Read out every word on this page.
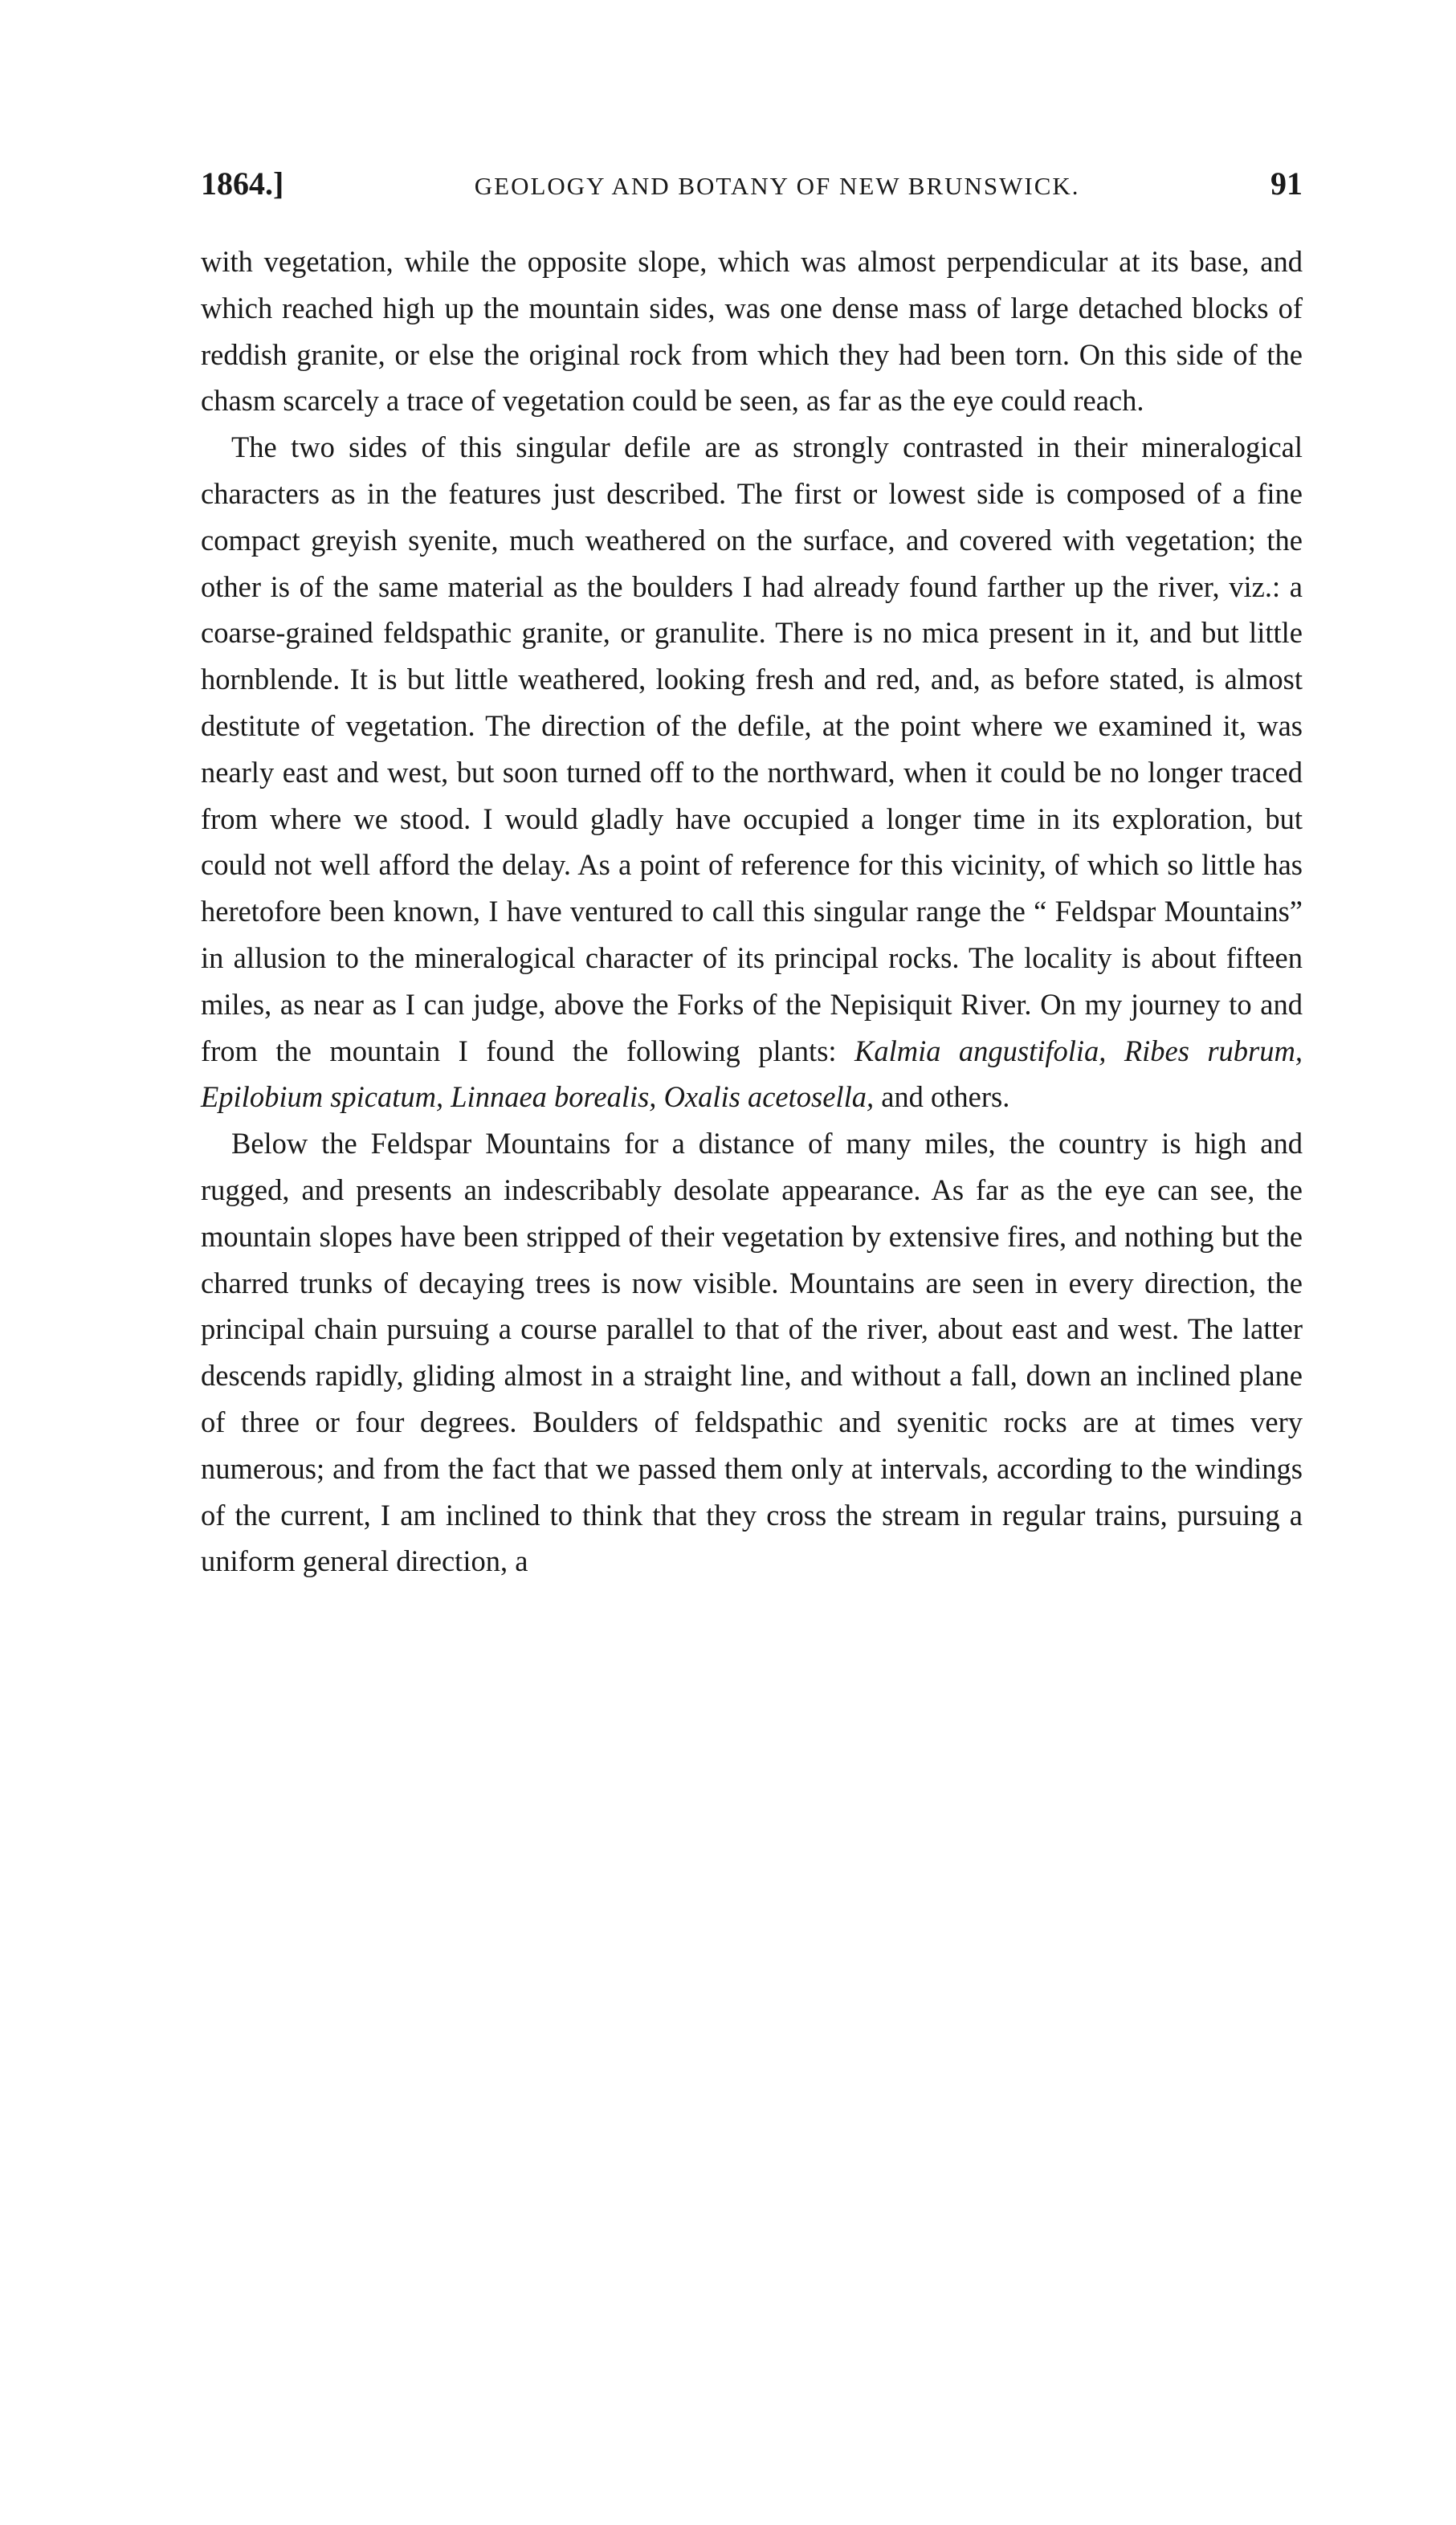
1864.]	GEOLOGY AND BOTANY OF NEW BRUNSWICK.	91

with vegetation, while the opposite slope, which was almost perpendicular at its base, and which reached high up the mountain sides, was one dense mass of large detached blocks of reddish granite, or else the original rock from which they had been torn. On this side of the chasm scarcely a trace of vegetation could be seen, as far as the eye could reach.

The two sides of this singular defile are as strongly contrasted in their mineralogical characters as in the features just described. The first or lowest side is composed of a fine compact greyish syenite, much weathered on the surface, and covered with vegetation; the other is of the same material as the boulders I had already found farther up the river, viz.: a coarse-grained feldspathic granite, or granulite. There is no mica present in it, and but little hornblende. It is but little weathered, looking fresh and red, and, as before stated, is almost destitute of vegetation. The direction of the defile, at the point where we examined it, was nearly east and west, but soon turned off to the northward, when it could be no longer traced from where we stood. I would gladly have occupied a longer time in its exploration, but could not well afford the delay. As a point of reference for this vicinity, of which so little has heretofore been known, I have ventured to call this singular range the “ Feldspar Mountains” in allusion to the mineralogical character of its principal rocks. The locality is about fifteen miles, as near as I can judge, above the Forks of the Nepisiquit River. On my journey to and from the mountain I found the following plants: Kalmia angustifolia, Ribes rubrum, Epilobium spicatum, Linnaea borealis, Oxalis acetosella, and others.

Below the Feldspar Mountains for a distance of many miles, the country is high and rugged, and presents an indescribably desolate appearance. As far as the eye can see, the mountain slopes have been stripped of their vegetation by extensive fires, and nothing but the charred trunks of decaying trees is now visible. Mountains are seen in every direction, the principal chain pursuing a course parallel to that of the river, about east and west. The latter descends rapidly, gliding almost in a straight line, and without a fall, down an inclined plane of three or four degrees. Boulders of feldspathic and syenitic rocks are at times very numerous; and from the fact that we passed them only at intervals, according to the windings of the current, I am inclined to think that they cross the stream in regular trains, pursuing a uniform general direction, a
